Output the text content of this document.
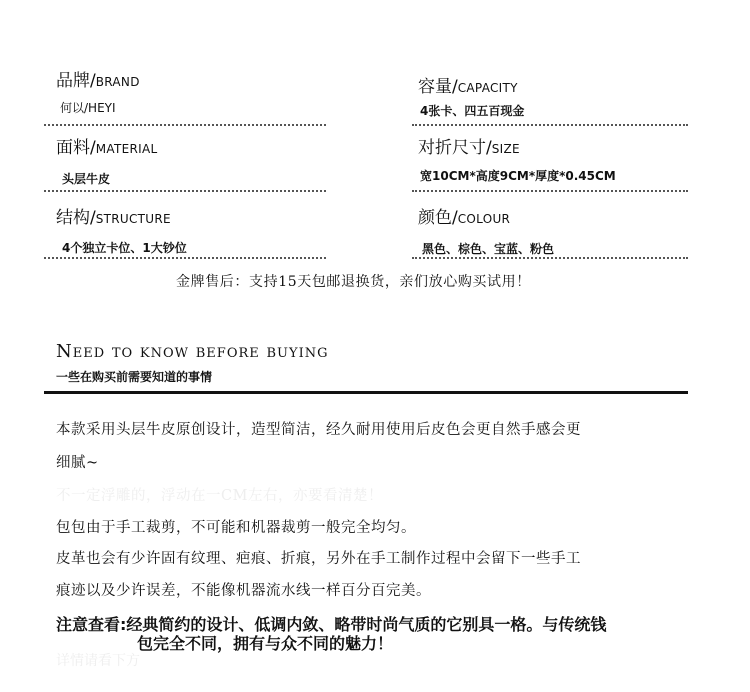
品牌/BRAND
何以/HEYI
面料/MATERIAL
头层牛皮
结构/STRUCTURE
4个独立卡位、1大钞位
容量/CAPACITY
4张卡、四五百现金
对折尺寸/SIZE
宽10CM*高度9CM*厚度*0.45CM
颜色/COLOUR
黑色、棕色、宝蓝、粉色
金牌售后：支持15天包邮退换货，亲们放心购买试用！
Need to know before buying
一些在购买前需要知道的事情
本款采用头层牛皮原创设计，造型简洁，经久耐用使用后皮色会更自然手感会更
细腻~
不一定浮雕的，浮动在一CM左右，亦要看清楚！
包包由于手工裁剪，不可能和机器裁剪一般完全均匀。
皮革也会有少许固有纹理、疤痕、折痕，另外在手工制作过程中会留下一些手工
痕迹以及少许误差，不能像机器流水线一样百分百完美。
注意查看:经典简约的设计、低调内敛、略带时尚气质的它别具一格。与传统钱
包完全不同，拥有与众不同的魅力！
详情请看下方
